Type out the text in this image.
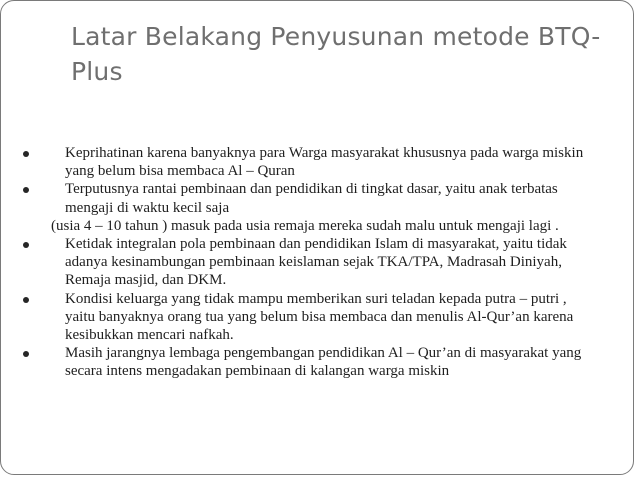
Latar Belakang Penyusunan metode BTQ-Plus
Keprihatinan karena banyaknya para Warga masyarakat khususnya pada warga miskin yang belum bisa membaca Al – Quran
Terputusnya rantai pembinaan dan pendidikan di tingkat dasar, yaitu anak terbatas mengaji di waktu kecil saja
(usia 4 – 10 tahun ) masuk pada usia remaja mereka sudah malu untuk mengaji lagi .
Ketidak integralan pola pembinaan dan pendidikan Islam di masyarakat, yaitu tidak adanya kesinambungan pembinaan keislaman sejak TKA/TPA, Madrasah Diniyah, Remaja masjid, dan DKM.
Kondisi keluarga yang tidak mampu memberikan suri teladan kepada putra – putri , yaitu banyaknya orang tua yang belum bisa membaca dan menulis Al-Qur’an karena kesibukkan mencari nafkah.
Masih jarangnya lembaga pengembangan pendidikan Al – Qur’an di masyarakat yang secara intens mengadakan pembinaan di kalangan warga miskin
